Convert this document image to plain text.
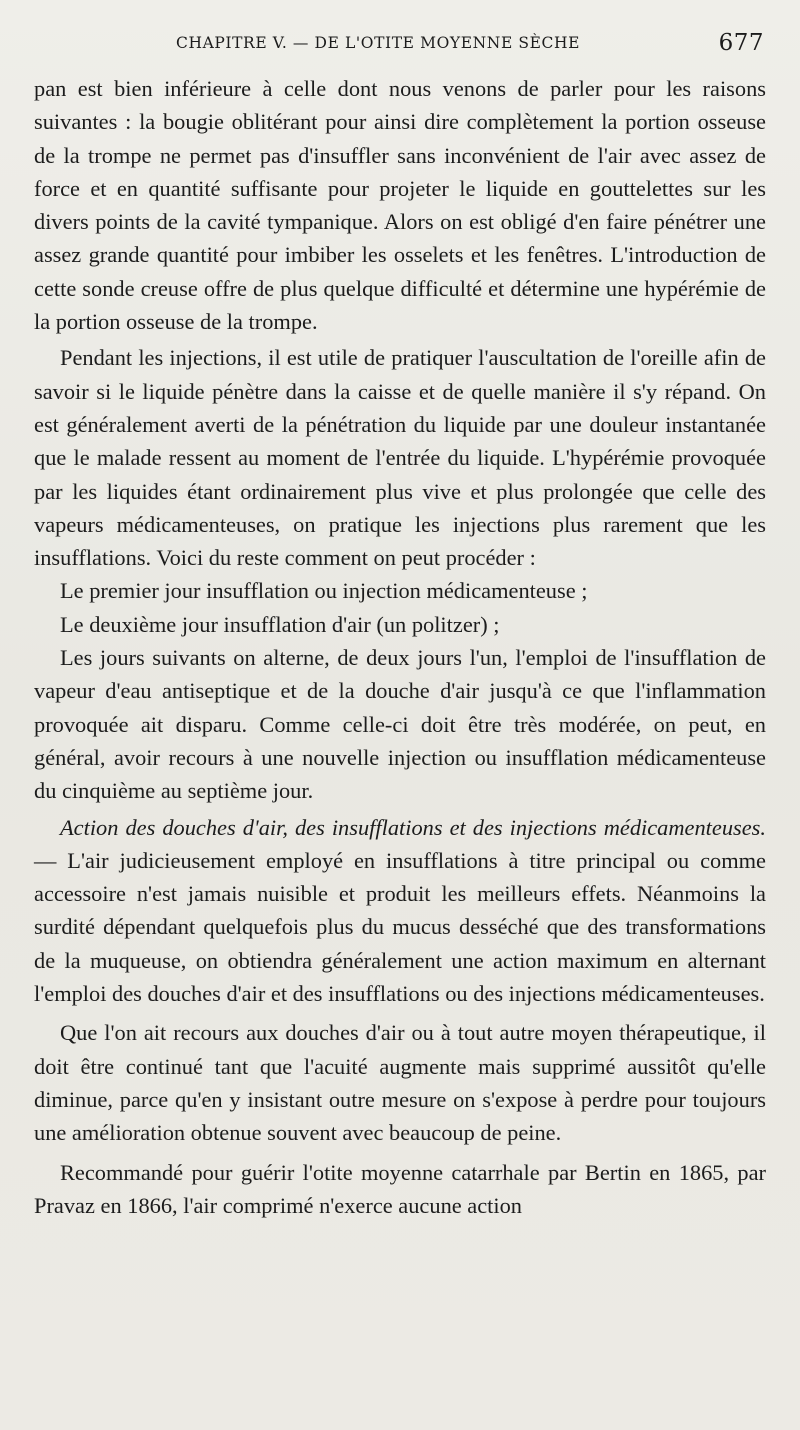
CHAPITRE V. — DE L'OTITE MOYENNE SÈCHE	677

pan est bien inférieure à celle dont nous venons de parler pour les raisons suivantes : la bougie oblitérant pour ainsi dire complètement la portion osseuse de la trompe ne permet pas d'insuffler sans inconvénient de l'air avec assez de force et en quantité suffisante pour projeter le liquide en gouttelettes sur les divers points de la cavité tympanique. Alors on est obligé d'en faire pénétrer une assez grande quantité pour imbiber les osselets et les fenêtres. L'introduction de cette sonde creuse offre de plus quelque difficulté et détermine une hypérémie de la portion osseuse de la trompe.

Pendant les injections, il est utile de pratiquer l'auscultation de l'oreille afin de savoir si le liquide pénètre dans la caisse et de quelle manière il s'y répand. On est généralement averti de la pénétration du liquide par une douleur instantanée que le malade ressent au moment de l'entrée du liquide. L'hypérémie provoquée par les liquides étant ordinairement plus vive et plus prolongée que celle des vapeurs médicamenteuses, on pratique les injections plus rarement que les insufflations. Voici du reste comment on peut procéder :

Le premier jour insufflation ou injection médicamenteuse ;

Le deuxième jour insufflation d'air (un politzer) ;

Les jours suivants on alterne, de deux jours l'un, l'emploi de l'insufflation de vapeur d'eau antiseptique et de la douche d'air jusqu'à ce que l'inflammation provoquée ait disparu. Comme celle-ci doit être très modérée, on peut, en général, avoir recours à une nouvelle injection ou insufflation médicamenteuse du cinquième au septième jour.

Action des douches d'air, des insufflations et des injections médicamenteuses. — L'air judicieusement employé en insufflations à titre principal ou comme accessoire n'est jamais nuisible et produit les meilleurs effets. Néanmoins la surdité dépendant quelquefois plus du mucus desséché que des transformations de la muqueuse, on obtiendra généralement une action maximum en alternant l'emploi des douches d'air et des insufflations ou des injections médicamenteuses.

Que l'on ait recours aux douches d'air ou à tout autre moyen thérapeutique, il doit être continué tant que l'acuité augmente mais supprimé aussitôt qu'elle diminue, parce qu'en y insistant outre mesure on s'expose à perdre pour toujours une amélioration obtenue souvent avec beaucoup de peine.

Recommandé pour guérir l'otite moyenne catarrhale par Bertin en 1865, par Pravaz en 1866, l'air comprimé n'exerce aucune action
